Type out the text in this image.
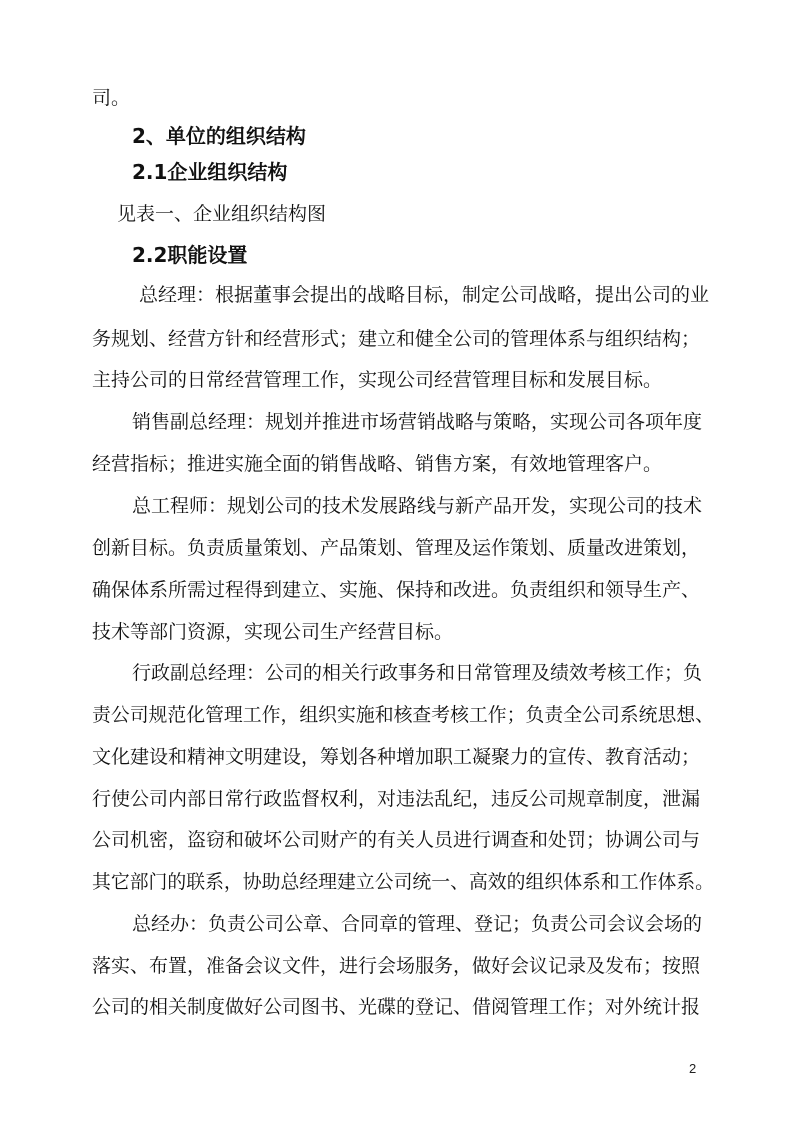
司。
2、单位的组织结构
2.1企业组织结构
见表一、企业组织结构图
2.2职能设置
总经理：根据董事会提出的战略目标，制定公司战略，提出公司的业
务规划、经营方针和经营形式；建立和健全公司的管理体系与组织结构；
主持公司的日常经营管理工作，实现公司经营管理目标和发展目标。
销售副总经理：规划并推进市场营销战略与策略，实现公司各项年度
经营指标；推进实施全面的销售战略、销售方案，有效地管理客户。
总工程师：规划公司的技术发展路线与新产品开发，实现公司的技术
创新目标。负责质量策划、产品策划、管理及运作策划、质量改进策划，
确保体系所需过程得到建立、实施、保持和改进。负责组织和领导生产、
技术等部门资源，实现公司生产经营目标。
行政副总经理：公司的相关行政事务和日常管理及绩效考核工作；负
责公司规范化管理工作，组织实施和核查考核工作；负责全公司系统思想、
文化建设和精神文明建设，筹划各种增加职工凝聚力的宣传、教育活动；
行使公司内部日常行政监督权利，对违法乱纪，违反公司规章制度，泄漏
公司机密，盗窃和破坏公司财产的有关人员进行调查和处罚；协调公司与
其它部门的联系，协助总经理建立公司统一、高效的组织体系和工作体系。
总经办：负责公司公章、合同章的管理、登记；负责公司会议会场的
落实、布置，准备会议文件，进行会场服务，做好会议记录及发布；按照
公司的相关制度做好公司图书、光碟的登记、借阅管理工作；对外统计报
2
